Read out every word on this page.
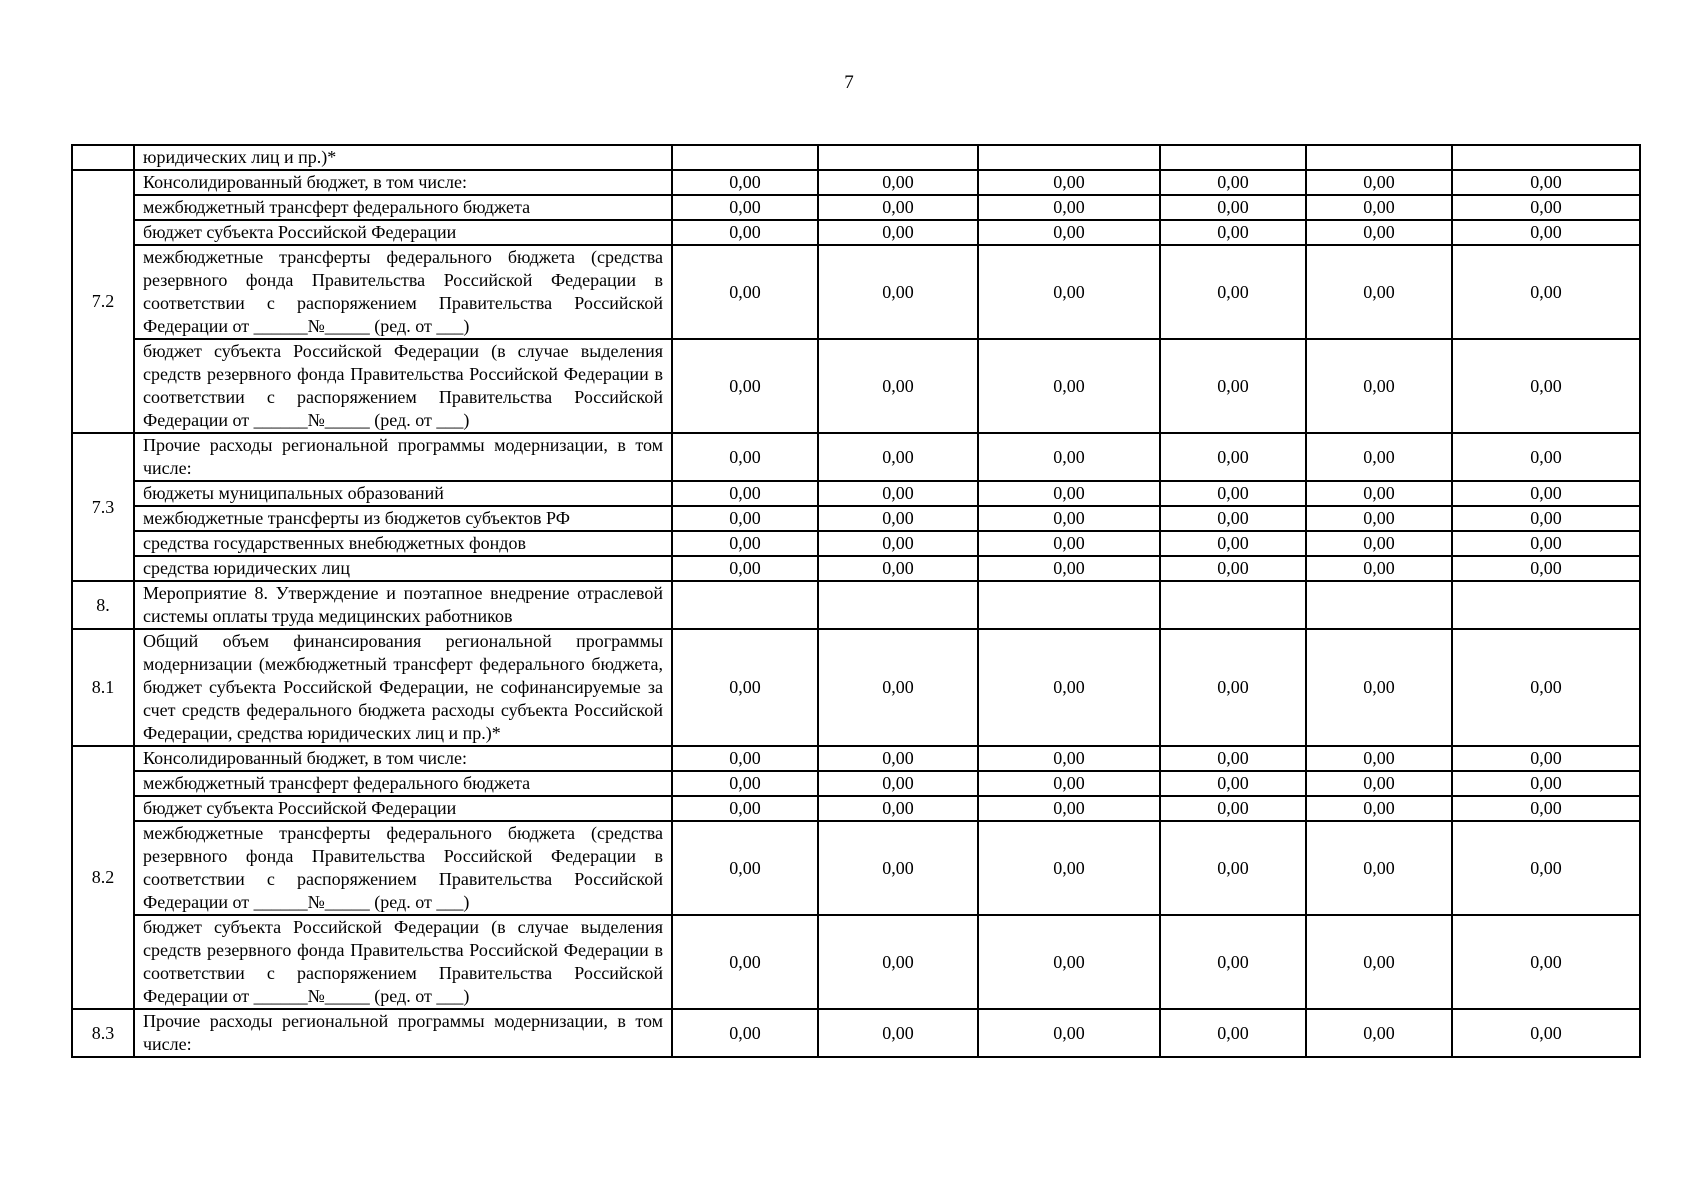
7
	юридических лиц и пр.)*						
7.2	Консолидированный бюджет, в том числе:	0,00	0,00	0,00	0,00	0,00	0,00
	межбюджетный трансферт федерального бюджета	0,00	0,00	0,00	0,00	0,00	0,00
	бюджет субъекта Российской Федерации	0,00	0,00	0,00	0,00	0,00	0,00
	межбюджетные трансферты федерального бюджета (средства резервного фонда Правительства Российской Федерации в соответствии с распоряжением Правительства Российской Федерации от ______№_____ (ред. от ___)	0,00	0,00	0,00	0,00	0,00	0,00
	бюджет субъекта Российской Федерации (в случае выделения средств резервного фонда Правительства Российской Федерации в соответствии с распоряжением Правительства Российской Федерации от ______№_____ (ред. от ___)	0,00	0,00	0,00	0,00	0,00	0,00
7.3	Прочие расходы региональной программы модернизации, в том числе:	0,00	0,00	0,00	0,00	0,00	0,00
	бюджеты муниципальных образований	0,00	0,00	0,00	0,00	0,00	0,00
	межбюджетные трансферты из бюджетов субъектов РФ	0,00	0,00	0,00	0,00	0,00	0,00
	средства государственных внебюджетных фондов	0,00	0,00	0,00	0,00	0,00	0,00
	средства юридических лиц	0,00	0,00	0,00	0,00	0,00	0,00
8.	Мероприятие 8. Утверждение и поэтапное внедрение отраслевой системы оплаты труда медицинских работников						
8.1	Общий объем финансирования региональной программы модернизации (межбюджетный трансферт федерального бюджета, бюджет субъекта Российской Федерации, не софинансируемые за счет средств федерального бюджета расходы субъекта Российской Федерации, средства юридических лиц и пр.)*	0,00	0,00	0,00	0,00	0,00	0,00
8.2	Консолидированный бюджет, в том числе:	0,00	0,00	0,00	0,00	0,00	0,00
	межбюджетный трансферт федерального бюджета	0,00	0,00	0,00	0,00	0,00	0,00
	бюджет субъекта Российской Федерации	0,00	0,00	0,00	0,00	0,00	0,00
	межбюджетные трансферты федерального бюджета (средства резервного фонда Правительства Российской Федерации в соответствии с распоряжением Правительства Российской Федерации от ______№_____ (ред. от ___)	0,00	0,00	0,00	0,00	0,00	0,00
	бюджет субъекта Российской Федерации (в случае выделения средств резервного фонда Правительства Российской Федерации в соответствии с распоряжением Правительства Российской Федерации от ______№_____ (ред. от ___)	0,00	0,00	0,00	0,00	0,00	0,00
8.3	Прочие расходы региональной программы модернизации, в том числе:	0,00	0,00	0,00	0,00	0,00	0,00
